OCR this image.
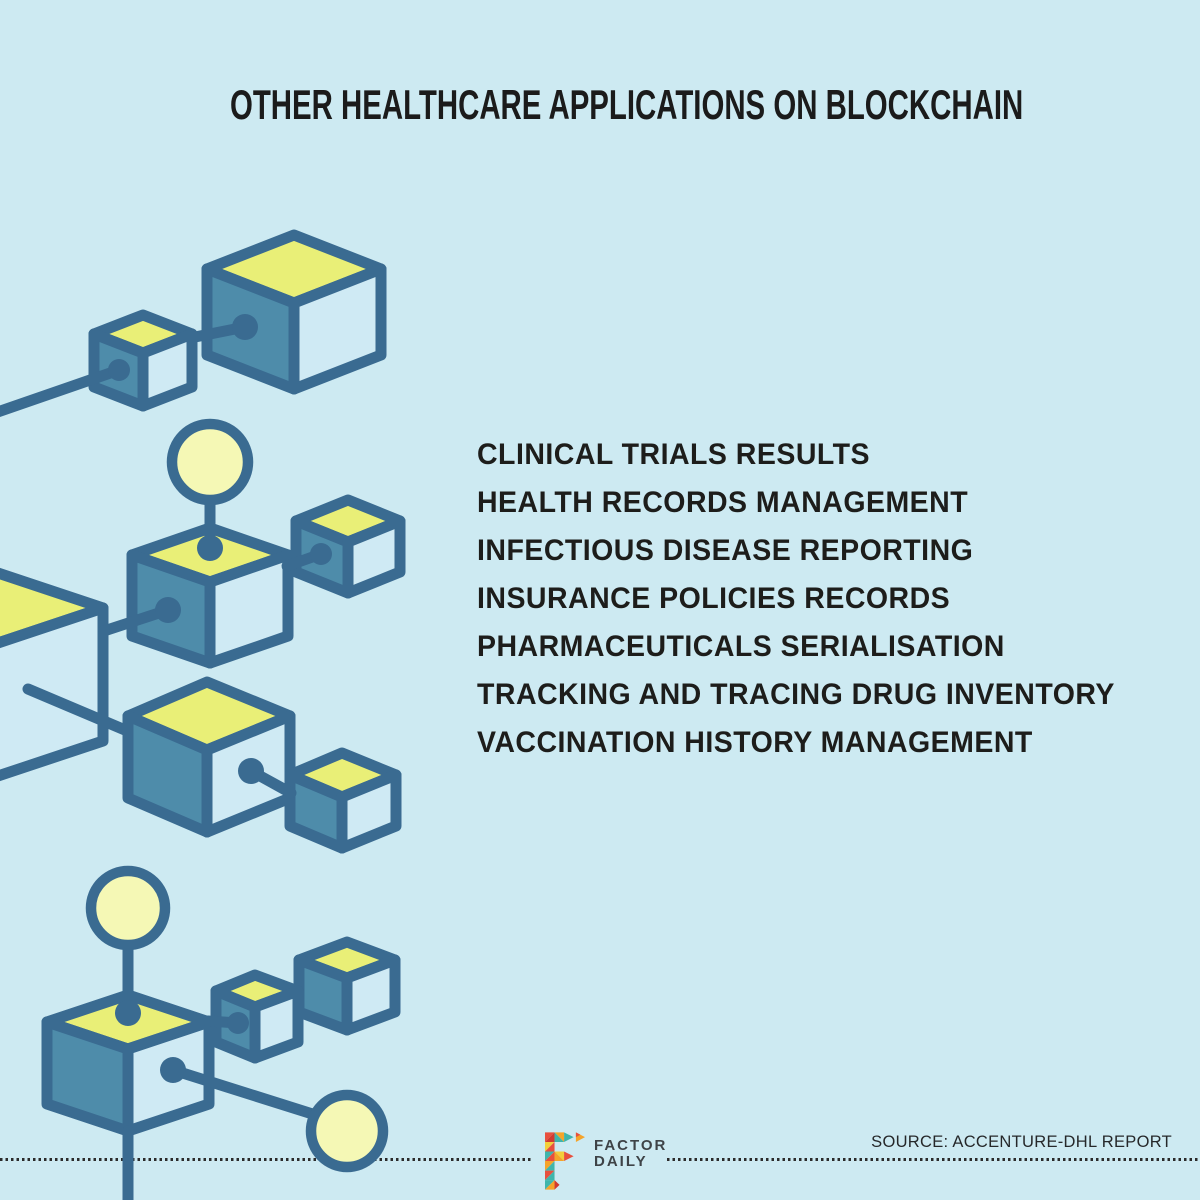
OTHER HEALTHCARE APPLICATIONS ON BLOCKCHAIN
CLINICAL TRIALS RESULTS
HEALTH RECORDS MANAGEMENT
INFECTIOUS DISEASE REPORTING
INSURANCE POLICIES RECORDS
PHARMACEUTICALS SERIALISATION
TRACKING AND TRACING DRUG INVENTORY
VACCINATION HISTORY MANAGEMENT
FACTOR
DAILY
SOURCE: ACCENTURE-DHL REPORT
